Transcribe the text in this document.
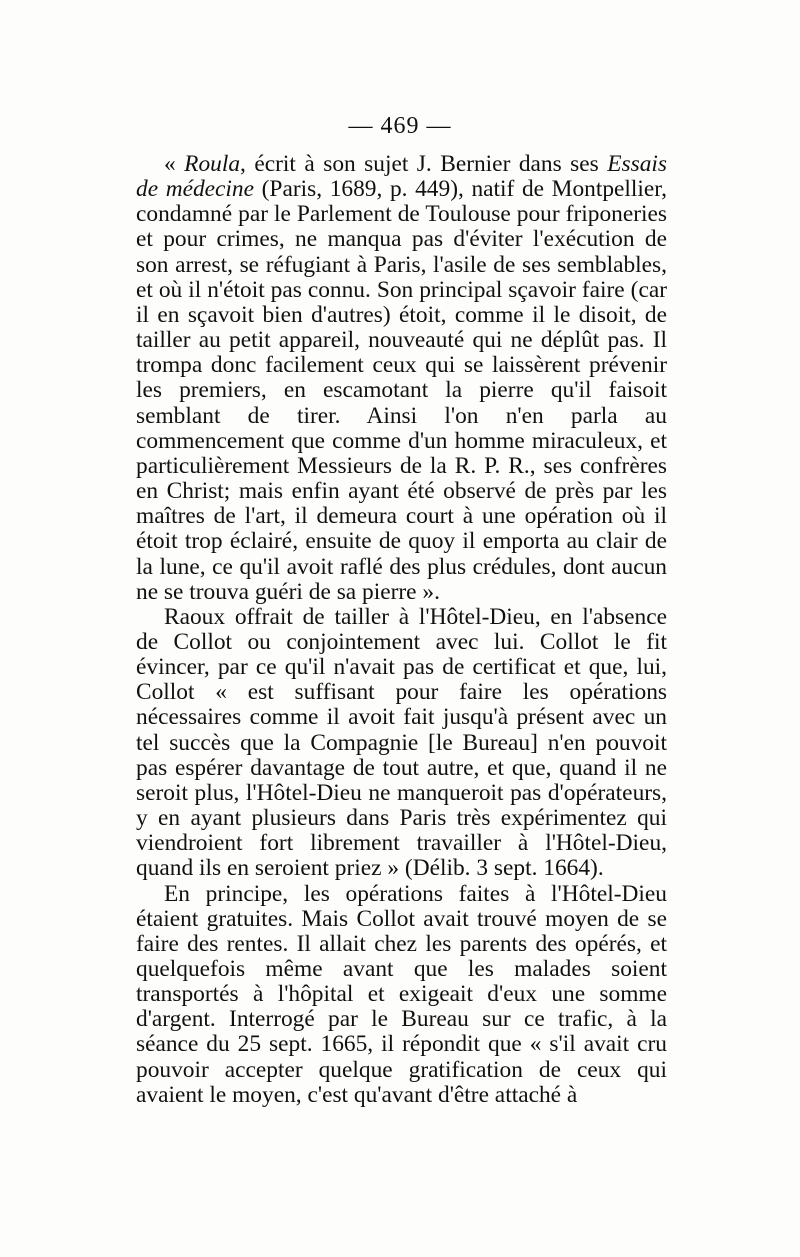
— 469 —

« Roula, écrit à son sujet J. Bernier dans ses Essais de médecine (Paris, 1689, p. 449), natif de Montpellier, condamné par le Parlement de Toulouse pour friponeries et pour crimes, ne manqua pas d'éviter l'exécution de son arrest, se réfugiant à Paris, l'asile de ses semblables, et où il n'étoit pas connu. Son principal sçavoir faire (car il en sçavoit bien d'autres) étoit, comme il le disoit, de tailler au petit appareil, nouveauté qui ne déplût pas. Il trompa donc facilement ceux qui se laissèrent prévenir les premiers, en escamotant la pierre qu'il faisoit semblant de tirer. Ainsi l'on n'en parla au commencement que comme d'un homme miraculeux, et particulièrement Messieurs de la R. P. R., ses confrères en Christ; mais enfin ayant été observé de près par les maîtres de l'art, il demeura court à une opération où il étoit trop éclairé, ensuite de quoy il emporta au clair de la lune, ce qu'il avoit raflé des plus crédules, dont aucun ne se trouva guéri de sa pierre ».

Raoux offrait de tailler à l'Hôtel-Dieu, en l'absence de Collot ou conjointement avec lui. Collot le fit évincer, par ce qu'il n'avait pas de certificat et que, lui, Collot « est suffisant pour faire les opérations nécessaires comme il avoit fait jusqu'à présent avec un tel succès que la Compagnie [le Bureau] n'en pouvoit pas espérer davantage de tout autre, et que, quand il ne seroit plus, l'Hôtel-Dieu ne manqueroit pas d'opérateurs, y en ayant plusieurs dans Paris très expérimentez qui viendroient fort librement travailler à l'Hôtel-Dieu, quand ils en seroient priez » (Délib. 3 sept. 1664).

En principe, les opérations faites à l'Hôtel-Dieu étaient gratuites. Mais Collot avait trouvé moyen de se faire des rentes. Il allait chez les parents des opérés, et quelquefois même avant que les malades soient transportés à l'hôpital et exigeait d'eux une somme d'argent. Interrogé par le Bureau sur ce trafic, à la séance du 25 sept. 1665, il répondit que « s'il avait cru pouvoir accepter quelque gratification de ceux qui avaient le moyen, c'est qu'avant d'être attaché à
